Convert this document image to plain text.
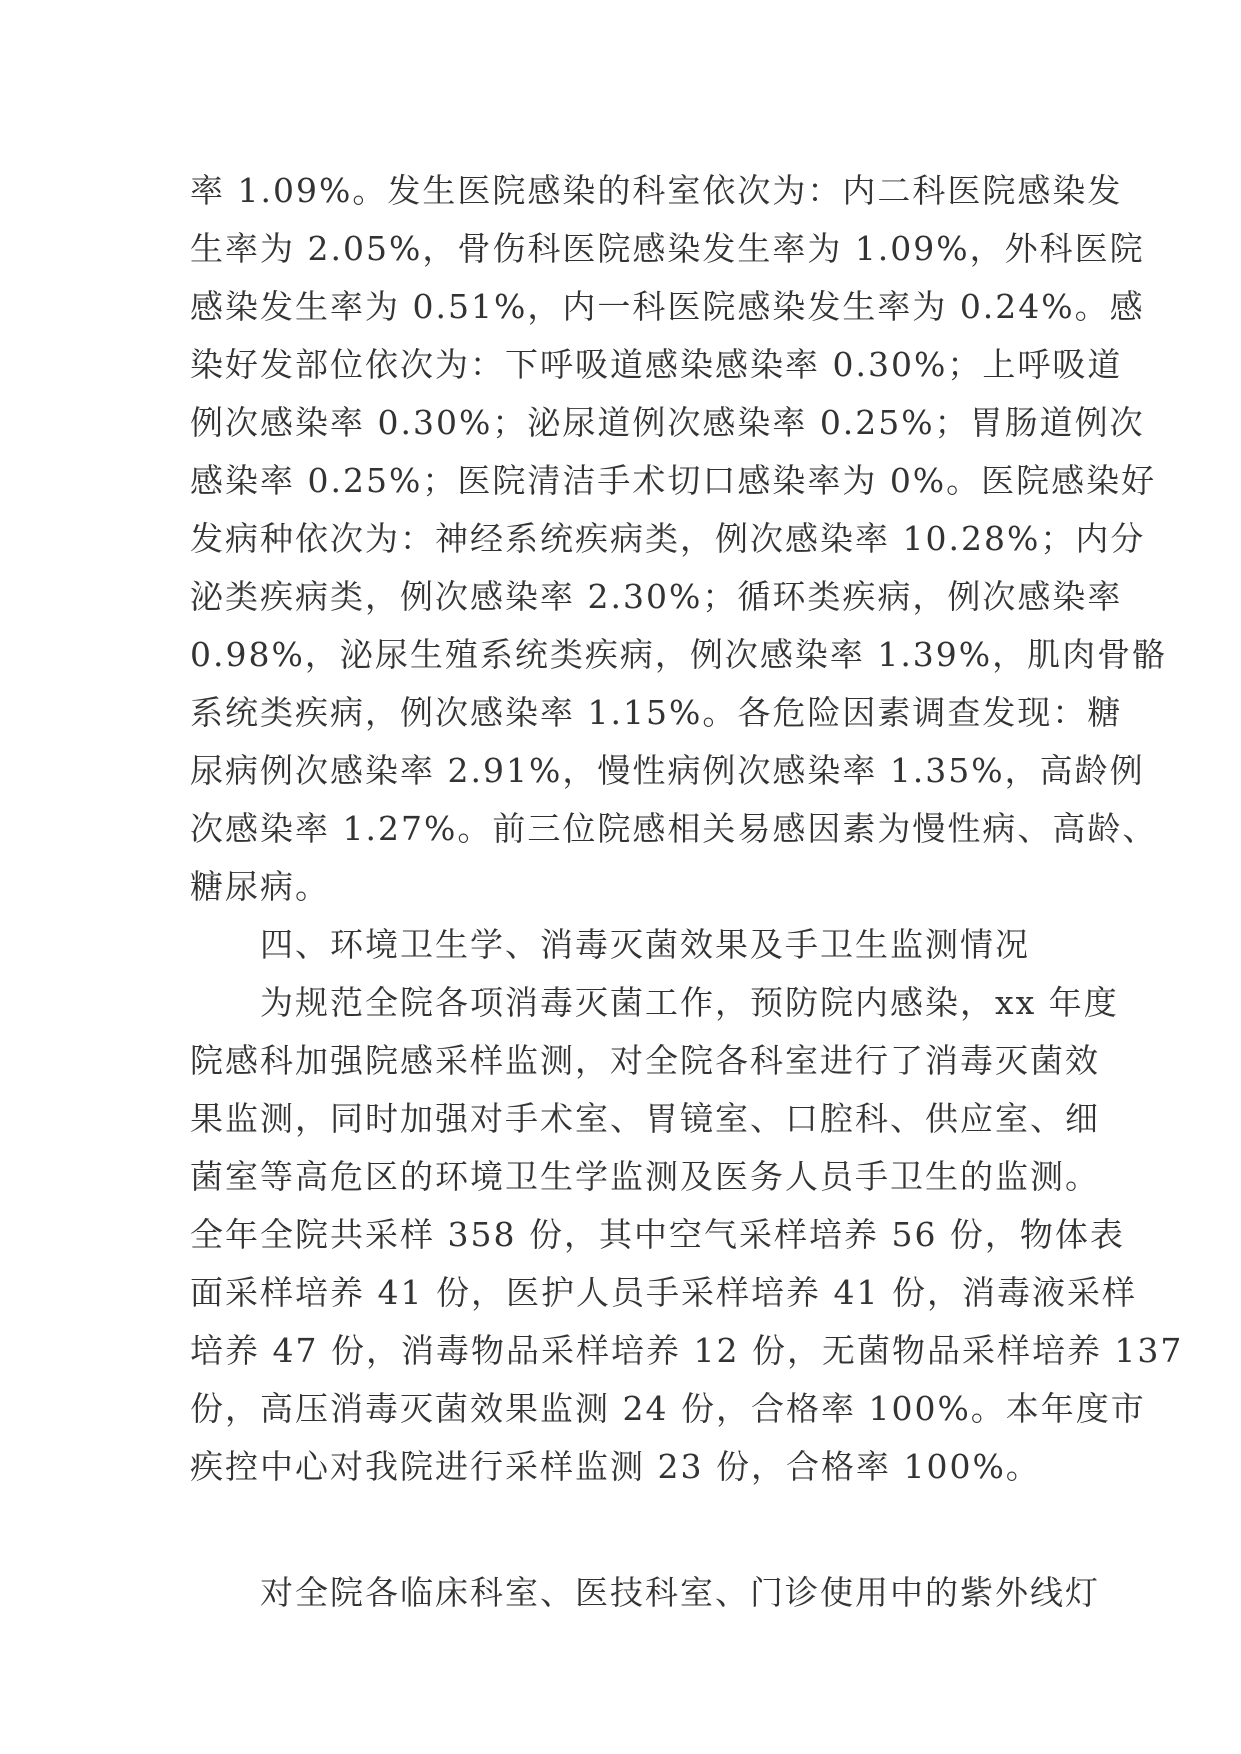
率 1.09%。发生医院感染的科室依次为：内二科医院感染发
生率为 2.05%，骨伤科医院感染发生率为 1.09%，外科医院
感染发生率为 0.51%，内一科医院感染发生率为 0.24%。感
染好发部位依次为：下呼吸道感染感染率 0.30%；上呼吸道
例次感染率 0.30%；泌尿道例次感染率 0.25%；胃肠道例次
感染率 0.25%；医院清洁手术切口感染率为 0%。医院感染好
发病种依次为：神经系统疾病类，例次感染率 10.28%；内分
泌类疾病类，例次感染率 2.30%；循环类疾病，例次感染率
0.98%，泌尿生殖系统类疾病，例次感染率 1.39%，肌肉骨骼
系统类疾病，例次感染率 1.15%。各危险因素调查发现：糖
尿病例次感染率 2.91%，慢性病例次感染率 1.35%，高龄例
次感染率 1.27%。前三位院感相关易感因素为慢性病、高龄、
糖尿病。
　　四、环境卫生学、消毒灭菌效果及手卫生监测情况
　　为规范全院各项消毒灭菌工作，预防院内感染，xx 年度
院感科加强院感采样监测，对全院各科室进行了消毒灭菌效
果监测，同时加强对手术室、胃镜室、口腔科、供应室、细
菌室等高危区的环境卫生学监测及医务人员手卫生的监测。
全年全院共采样 358 份，其中空气采样培养 56 份，物体表
面采样培养 41 份，医护人员手采样培养 41 份，消毒液采样
培养 47 份，消毒物品采样培养 12 份，无菌物品采样培养 137
份，高压消毒灭菌效果监测 24 份，合格率 100%。本年度市
疾控中心对我院进行采样监测 23 份，合格率 100%。
　　对全院各临床科室、医技科室、门诊使用中的紫外线灯
